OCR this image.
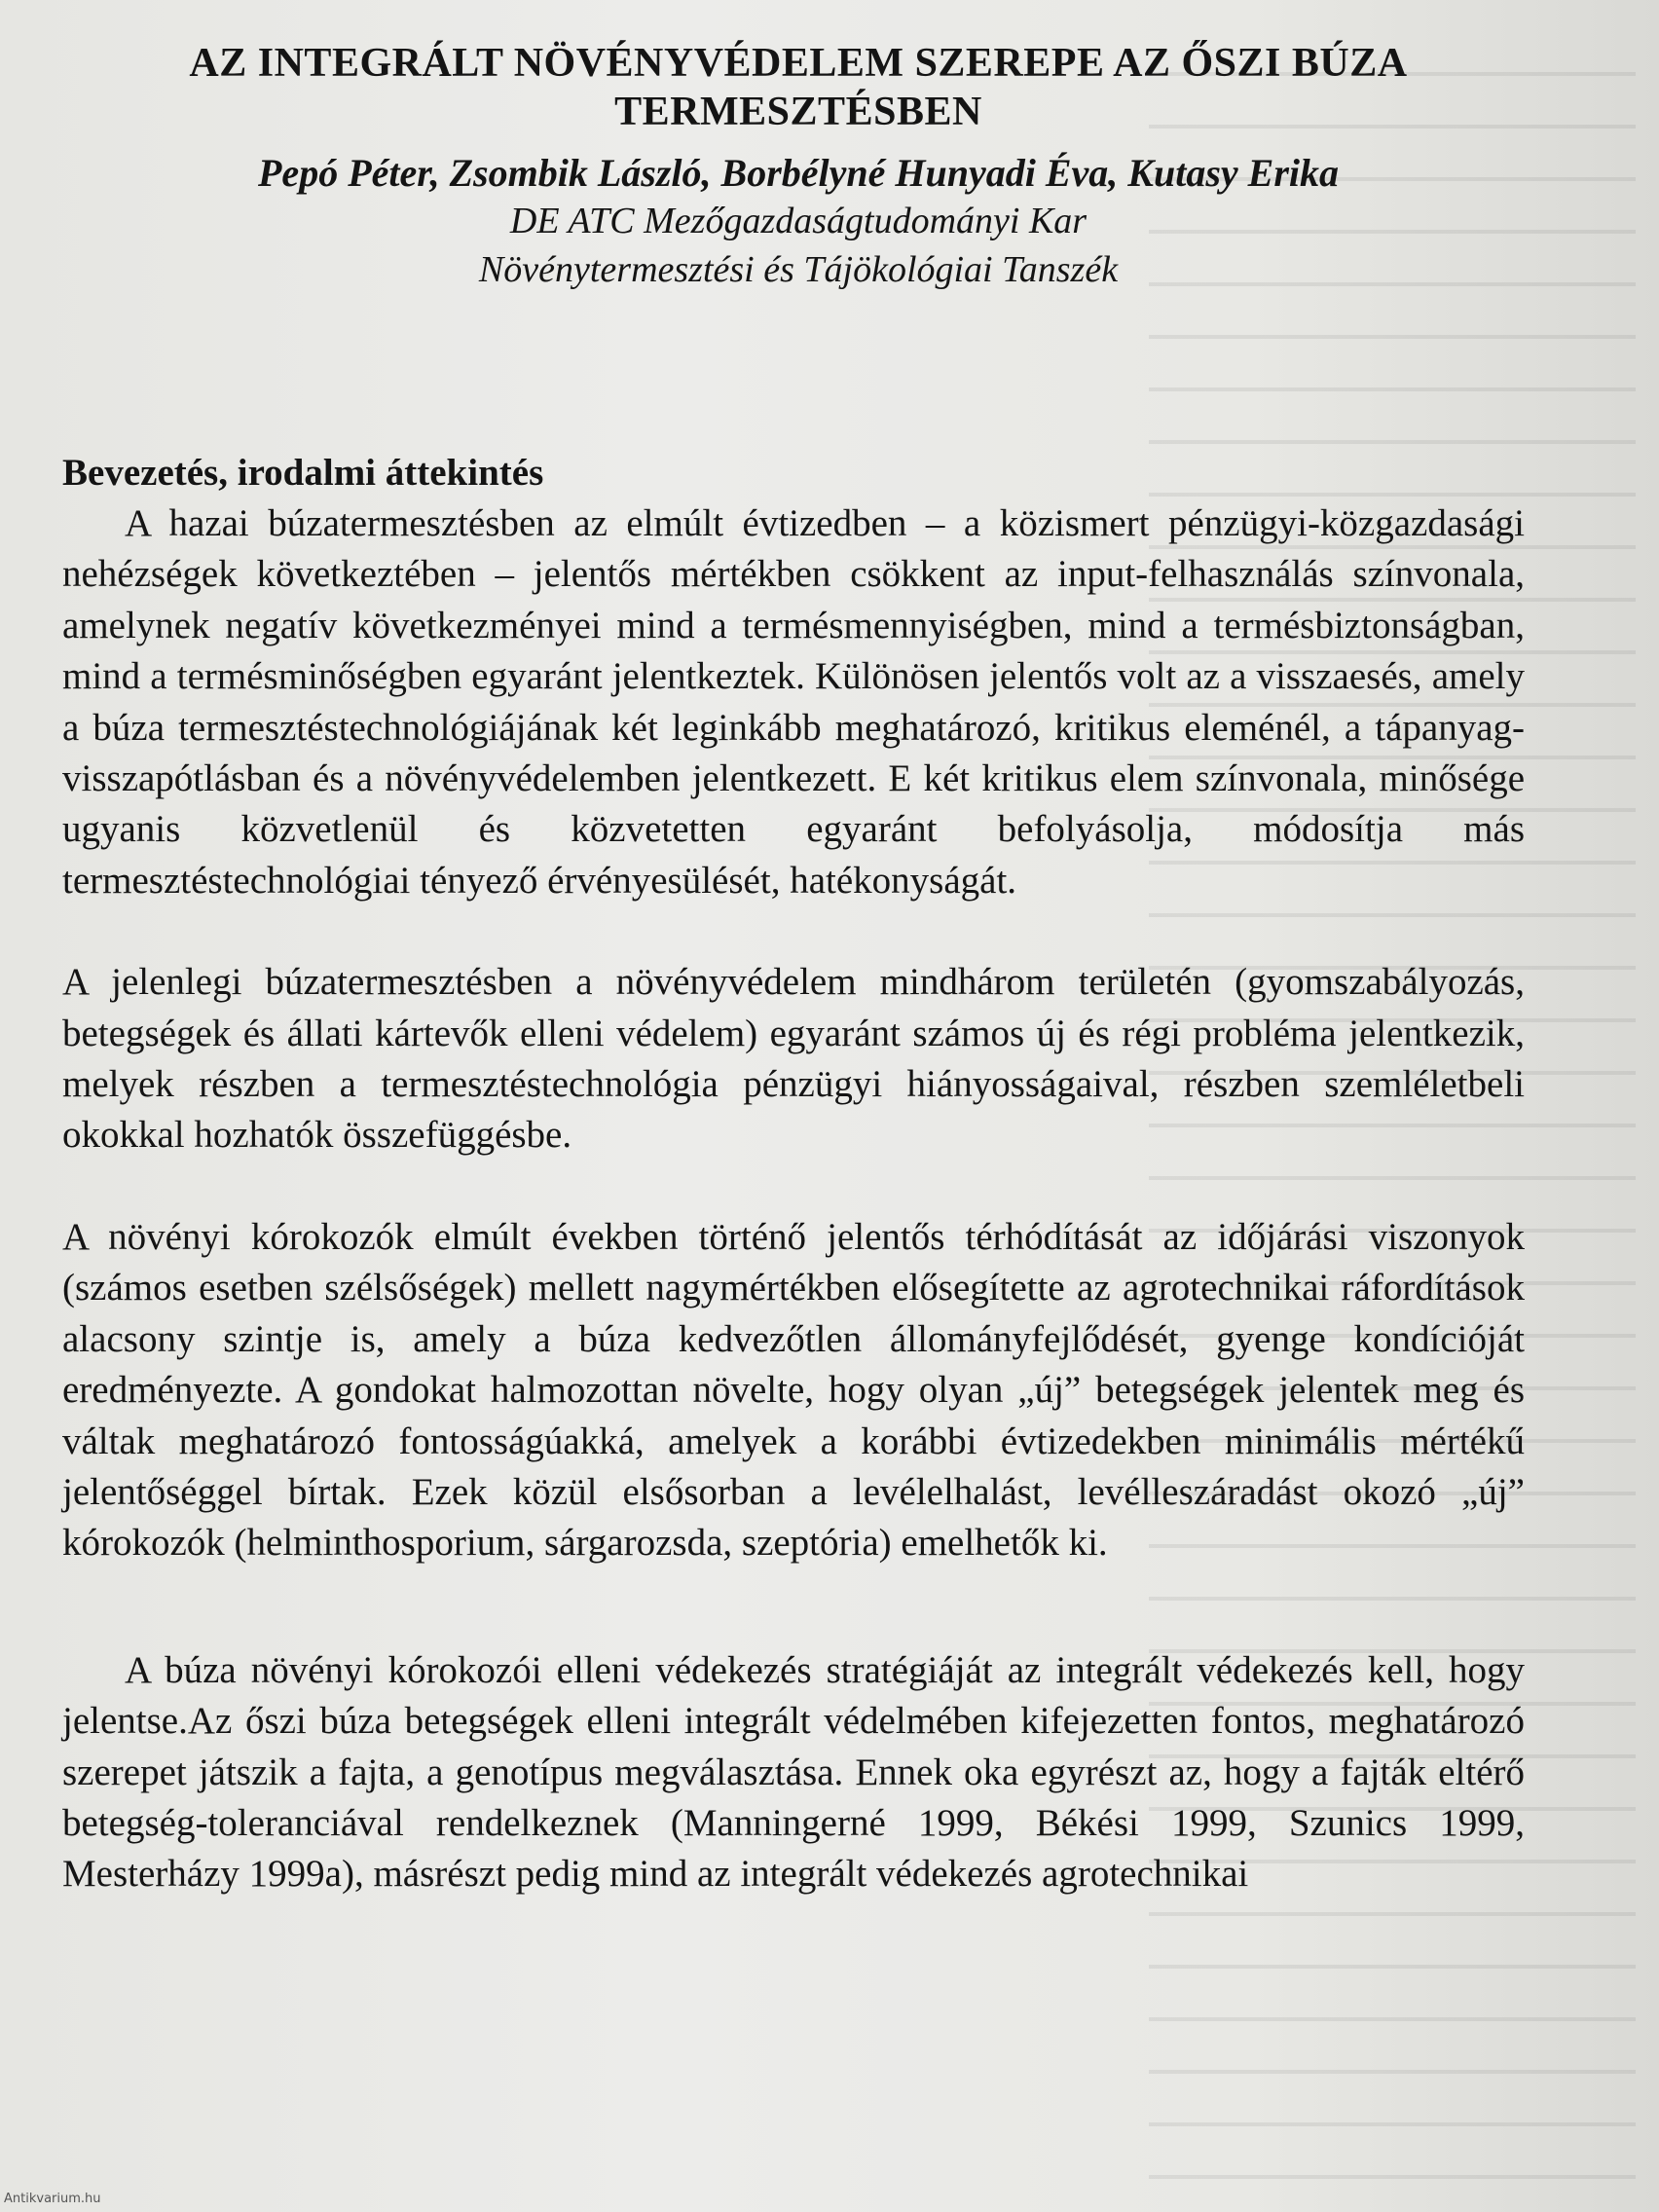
AZ INTEGRÁLT NÖVÉNYVÉDELEM SZEREPE AZ ŐSZI BÚZA TERMESZTÉSBEN
Pepó Péter, Zsombik László, Borbélyné Hunyadi Éva, Kutasy Erika
DE ATC Mezőgazdaságtudományi Kar
Növénytermesztési és Tájökológiai Tanszék
Bevezetés, irodalmi áttekintés

A hazai búzatermesztésben az elmúlt évtizedben – a közismert pénzügyi-közgazdasági nehézségek következtében – jelentős mértékben csökkent az input-felhasználás színvonala, amelynek negatív következményei mind a termésmennyiségben, mind a termésbiztonságban, mind a termésminőségben egyaránt jelentkeztek. Különösen jelentős volt az a visszaesés, amely a búza termesztéstechnológiájának két leginkább meghatározó, kritikus eleménél, a tápanyag-visszapótlásban és a növényvédelemben jelentkezett. E két kritikus elem színvonala, minősége ugyanis közvetlenül és közvetetten egyaránt befolyásolja, módosítja más termesztéstechnológiai tényező érvényesülését, hatékonyságát.

A jelenlegi búzatermesztésben a növényvédelem mindhárom területén (gyomszabályozás, betegségek és állati kártevők elleni védelem) egyaránt számos új és régi probléma jelentkezik, melyek részben a termesztéstechnológia pénzügyi hiányosságaival, részben szemléletbeli okokkal hozhatók összefüggésbe.

A növényi kórokozók elmúlt években történő jelentős térhódítását az időjárási viszonyok (számos esetben szélsőségek) mellett nagymértékben elősegítette az agrotechnikai ráfordítások alacsony szintje is, amely a búza kedvezőtlen állományfejlődését, gyenge kondícióját eredményezte. A gondokat halmozottan növelte, hogy olyan „új” betegségek jelentek meg és váltak meghatározó fontosságúakká, amelyek a korábbi évtizedekben minimális mértékű jelentőséggel bírtak. Ezek közül elsősorban a levélelhalást, levélleszáradást okozó „új” kórokozók (helminthosporium, sárgarozsda, szeptória) emelhetők ki.

A búza növényi kórokozói elleni védekezés stratégiáját az integrált védekezés kell, hogy jelentse.Az őszi búza betegségek elleni integrált védelmében kifejezetten fontos, meghatározó szerepet játszik a fajta, a genotípus megválasztása. Ennek oka egyrészt az, hogy a fajták eltérő betegség-toleranciával rendelkeznek (Manningerné 1999, Békési 1999, Szunics 1999, Mesterházy 1999a), másrészt pedig mind az integrált védekezés agrotechnikai

Antikvarium.hu
